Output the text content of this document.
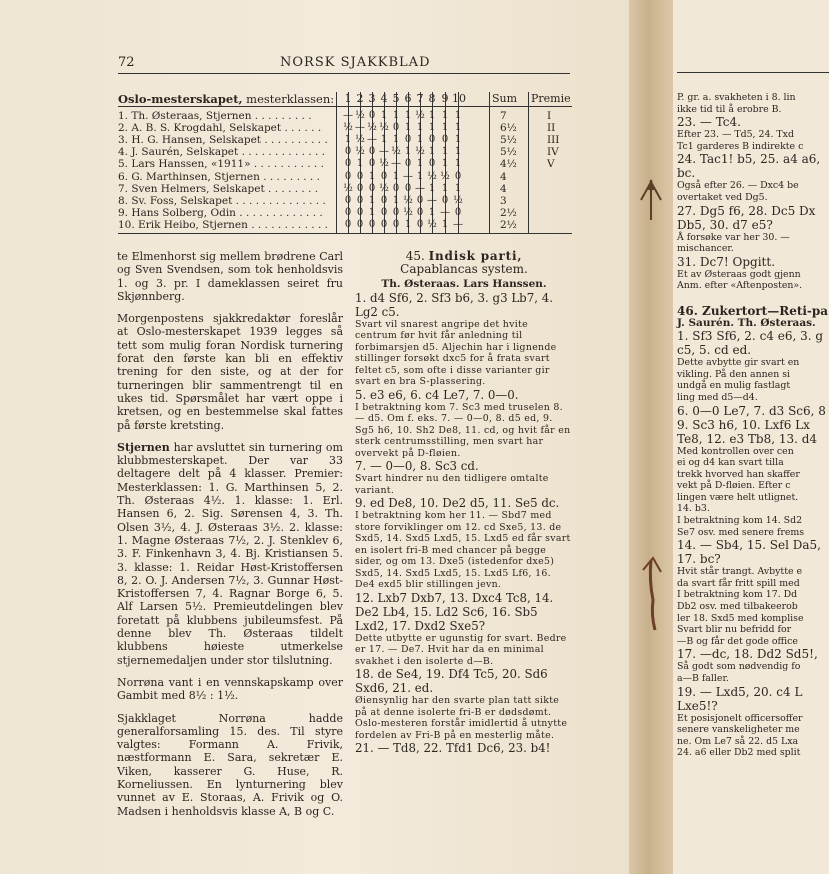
72	NORSK SJAKKBLAD
Oslo-mesterskapet, mesterklassen:

te Elmenhorst sig mellem brødrene Carl og Sven Svendsen, som tok henholdsvis 1. og 3. pr. I dameklassen seiret fru Skjønnberg.

Morgenpostens sjakkredaktør foreslår at Oslo-mesterskapet 1939 legges så tett som mulig foran Nordisk turnering forat den første kan bli en effektiv trening for den siste, og at der for turneringen blir sammentrengt til en ukes tid. Spørsmålet har vært oppe i kretsen, og en bestemmelse skal fattes på første kretsting.

Stjernen har avsluttet sin turnering om klubbmesterskapet. Der var 33 deltagere delt på 4 klasser. Premier: Mesterklassen: 1. G. Marthinsen 5, 2. Th. Østeraas 4½. 1. klasse: 1. Erl. Hansen 6, 2. Sig. Sørensen 4, 3. Th. Olsen 3½, 4. J. Østeraas 3½. 2. klasse: 1. Magne Østeraas 7½, 2. J. Stenklev 6, 3. F. Finkenhavn 3, 4. Bj. Kristiansen 5. 3. klasse: 1. Reidar Høst-Kristoffersen 8, 2. O. J. Andersen 7½, 3. Gunnar Høst-Kristoffersen 7, 4. Ragnar Borge 6, 5. Alf Larsen 5½. Premieutdelingen blev foretatt på klubbens jubileumsfest. På denne blev Th. Østeraas tildelt klubbens høieste utmerkelse stjernemedaljen under stor tilslutning.

Norrøna vant i en vennskapskamp over Gambit med 8½ : 1½.

Sjakklaget Norrøna hadde generalforsamling 15. des. Til styre valgtes: Formann A. Frivik, næstformann E. Sara, sekretær E. Viken, kasserer G. Huse, R. Korneliussen. En lynturnering blev vunnet av E. Storaas, A. Frivik og O. Madsen i henholdsvis klasse A, B og C.

45. Indisk parti,
Capablancas system.
Th. Østeraas. Lars Hanssen.
1. d4 Sf6, 2. Sf3 b6, 3. g3 Lb7, 4. Lg2 c5.
Svart vil snarest angripe det hvite centrum før hvit får anledning til forbimarsjen d5. Aljechin har i lignende stillinger forsøkt dxc5 for å frata svart feltet c5, som ofte i disse varianter gir svart en bra S-plassering.
5. e3 e6, 6. c4 Le7, 7. 0—0.
I betraktning kom 7. Sc3 med truselen 8. — d5. Om f. eks. 7. — 0—0, 8. d5 ed, 9. Sg5 h6, 10. Sh2 De8, 11. cd, og hvit får en sterk centrumsstilling, men svart har overvekt på D-fløien.
7. — 0—0, 8. Sc3 cd.
Svart hindrer nu den tidligere omtalte variant.
9. ed De8, 10. De2 d5, 11. Se5 dc.
I betraktning kom her 11. — Sbd7 med store forviklinger om 12. cd Sxe5, 13. de Sxd5, 14. Sxd5 Lxd5, 15. Lxd5 ed får svart en isolert fri-B med chancer på begge sider, og om 13. Dxe5 (istedenfor dxe5) Sxd5, 14. Sxd5 Lxd5, 15. Lxd5 Lf6, 16. De4 exd5 blir stillingen jevn.
12. Lxb7 Dxb7, 13. Dxc4 Tc8, 14. De2 Lb4, 15. Ld2 Sc6, 16. Sb5 Lxd2, 17. Dxd2 Sxe5?
Dette utbytte er ugunstig for svart. Bedre er 17. — De7. Hvit har da en minimal svakhet i den isolerte d—B.
18. de Se4, 19. Df4 Tc5, 20. Sd6 Sxd6, 21. ed.
Øiensynlig har den svarte plan tatt sikte på at denne isolerte fri-B er dødsdømt. Oslo-mesteren forstår imidlertid å utnytte fordelen av Fri-B på en mesterlig måte.
21. — Td8, 22. Tfd1 Dc6, 23. b4!
1 2 3 4 5 6 7 8 9 10 Sum Premie
1. Th. Østeraas, Stjernen . . . . . . . . .	— ½ 0 1 1 1 ½ 1 1 1	7	I
2. A. B. S. Krogdahl, Selskapet . . . . . . ½ — ½ ½ 0 1 1 1 1 1	6½	II
3. H. G. Hansen, Selskapet . . . . . . . . . . 1 ½ — 1 1 0 1 0 0 1	5½	III
4. J. Saurén, Selskapet . . . . . . . . . . . . . 0 ½ 0 — ½ 1 ½ 1 1 1	5½	IV
5. Lars Hanssen, «1911» . . . . . . . . . . . 0 1 0 ½ — 0 1 0 1 1	4½	V
6. G. Marthinsen, Stjernen . . . . . . . . . 0 0 1 0 1 — 1 ½ ½ 0	4
7. Sven Helmers, Selskapet . . . . . . . .	½ 0 0 ½ 0 0 — 1 1 1	4
8. Sv. Foss, Selskapet . . . . . . . . . . . . . . 0 0 1 0 1 ½ 0 — 0 ½	3
9. Hans Solberg, Odin . . . . . . . . . . . . . 0 0 1 0 0 ½ 0 1 — 0	2½
10. Erik Heibo, Stjernen . . . . . . . . . . . . 0 0 0 0 0 1 0 ½ 1 —	2½
P. gr. a. svakheten i 8. lin
ikke tid til å erobre B.
23. — Tc4.
Efter 23. — Td5, 24. Txd
Tc1 garderes B indirekte c
24. Tac1! b5, 25. a4 a6,
bc.
Også efter 26. — Dxc4 be
overtaket ved Dg5.
27. Dg5 f6, 28. Dc5 Dx
Db5, 30. d7 e5?
Å forsøke var her 30. —
mischancer.
31. Dc7! Opgitt.
Et av Østeraas godt gjenn
Anm. efter «Aftenposten».
46. Zukertort—Reti-pa
J. Saurén. Th. Østeraas.
1. Sf3 Sf6, 2. c4 e6, 3. g
c5, 5. cd ed.
Dette avbytte gir svart en
vikling. På den annen si
undgå en mulig fastlagt
ling med d5—d4.
6. 0—0 Le7, 7. d3 Sc6, 8
9. Sc3 h6, 10. Lxf6 Lx
Te8, 12. e3 Tb8, 13. d4
Med kontrollen over cen
ei og d4 kan svart tilla
trekk hvorved han skaffer
vekt på D-fløien. Efter c
lingen være helt utlignet.
14. b3.
I betraktning kom 14. Sd2
Se7 osv. med senere frems
14. — Sb4, 15. Sel Da5,
17. bc?
Hvit står trangt. Avbytte e
da svart får fritt spill med
I betraktning kom 17. Dd
Db2 osv. med tilbakeerob
ler 18. Sxd5 med komplise
Svart blir nu befridd for
—B og får det gode office
17. —dc, 18. Dd2 Sd5!,
Så godt som nødvendig fo
a—B faller.
19. — Lxd5, 20. c4 L
Lxe5!?
Et posisjonelt officersoffer
senere vanskeligheter me
ne. Om Le7 så 22. d5 Lxa
24. a6 eller Db2 med split
